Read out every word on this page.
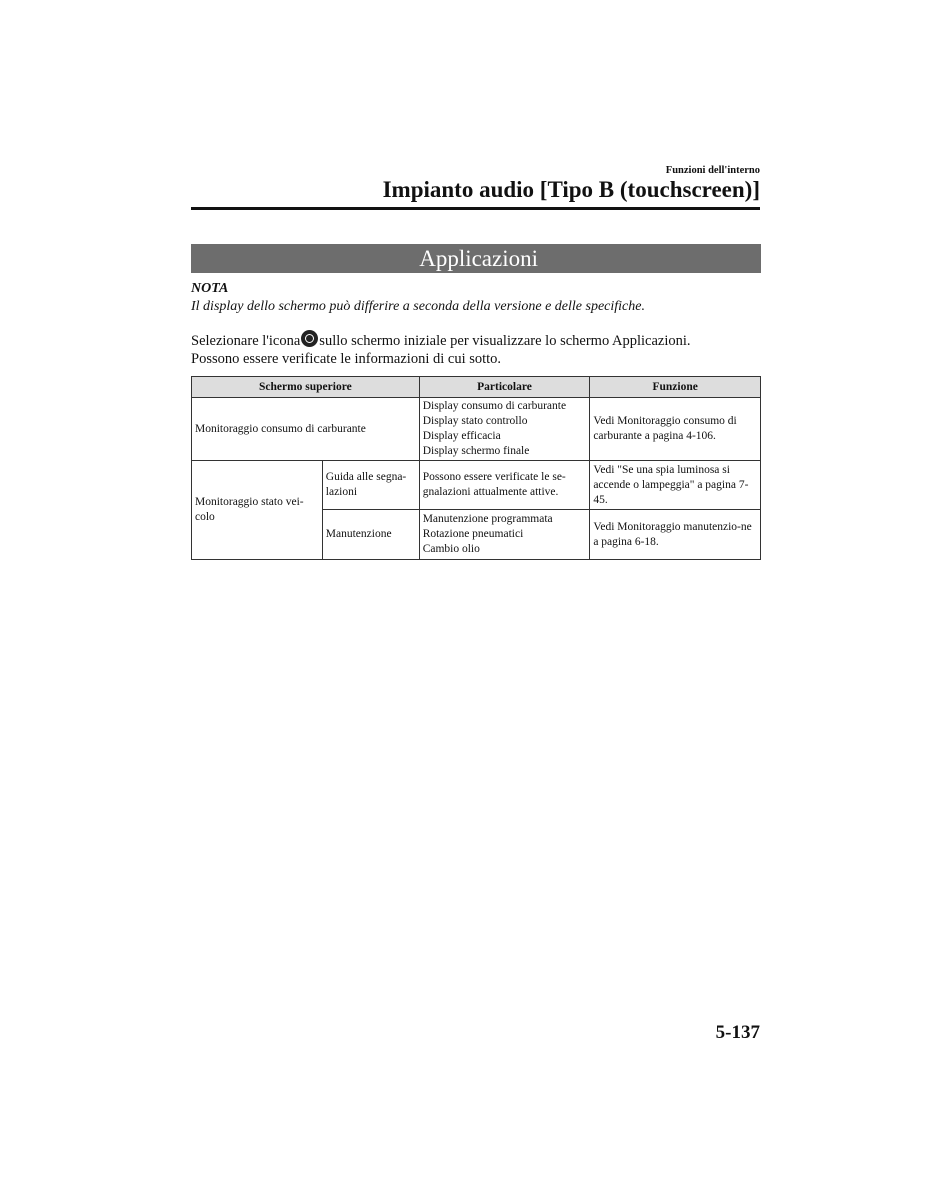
Funzioni dell'interno
Impianto audio [Tipo B (touchscreen)]
Applicazioni
NOTA
Il display dello schermo può differire a seconda della versione e delle specifiche.
Selezionare l'icona sullo schermo iniziale per visualizzare lo schermo Applicazioni.
Possono essere verificate le informazioni di cui sotto.
Schermo superiore		Particolare	Funzione
Monitoraggio consumo di carburante		Display consumo di carburante
Display stato controllo
Display efficacia
Display schermo finale	Vedi Monitoraggio consumo di carburante a pagina 4-106.
Monitoraggio stato vei-colo	Guida alle segna-lazioni	Possono essere verificate le se-gnalazioni attualmente attive.	Vedi "Se una spia luminosa si accende o lampeggia" a pagina 7-45.
	Manutenzione	Manutenzione programmata
Rotazione pneumatici
Cambio olio	Vedi Monitoraggio manutenzio-ne a pagina 6-18.
5-137
